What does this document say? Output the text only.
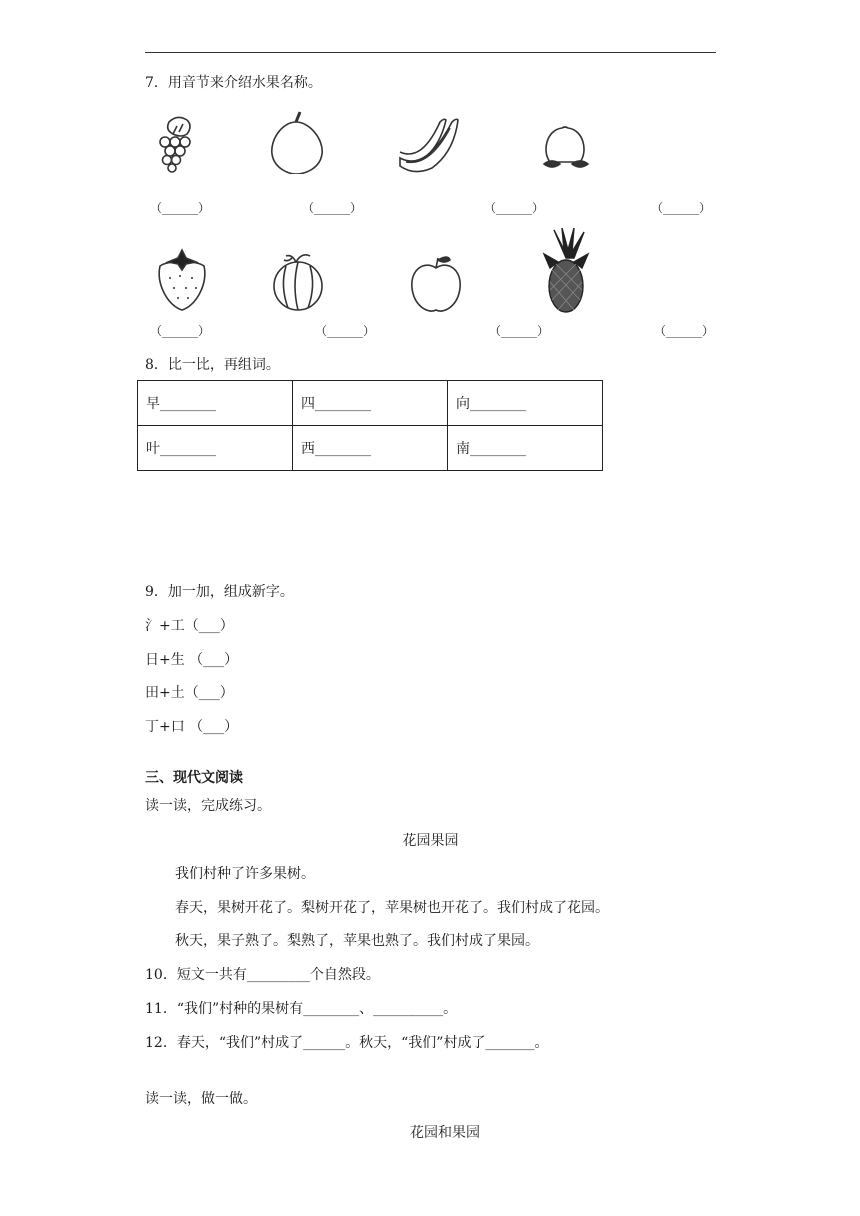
7．用音节来介绍水果名称。
（______）	（______）	（______）	（______）
（______）	（______）	（______）	（______）
8．比一比，再组词。
早________	四________	向________
叶________	西________	南________
9．加一加，组成新字。
氵+工（___）
日+生 （___）
田+土（___）
丁+口 （___）
三、现代文阅读
读一读，完成练习。
花园果园
我们村种了许多果树。
春天，果树开花了。梨树开花了，苹果树也开花了。我们村成了花园。
秋天，果子熟了。梨熟了，苹果也熟了。我们村成了果园。
10．短文一共有_________个自然段。
11．“我们”村种的果树有________、__________。
12．春天，“我们”村成了______。秋天，“我们”村成了_______。
读一读，做一做。
花园和果园
